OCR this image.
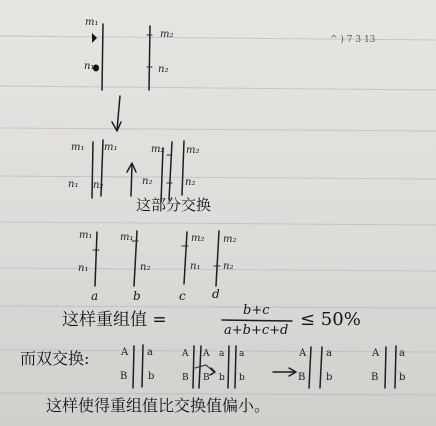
m₁
n₁
m₂
n₂
^ ) 7 3 13
m₁ m₁
n₁ n₂
m₂ m₂
n₂	n₂
这部分交换
m₁	m₁	m₂ m₂
n₁	n₂	n₁ n₂
a	b	c d
这样重组值 =	b+c
a+b+c+d
≤ 50%
而双交换:	A a
B b
A A a a
B B b b
A a
B b
A a
B b
这样使得重组值比交换值偏小。
